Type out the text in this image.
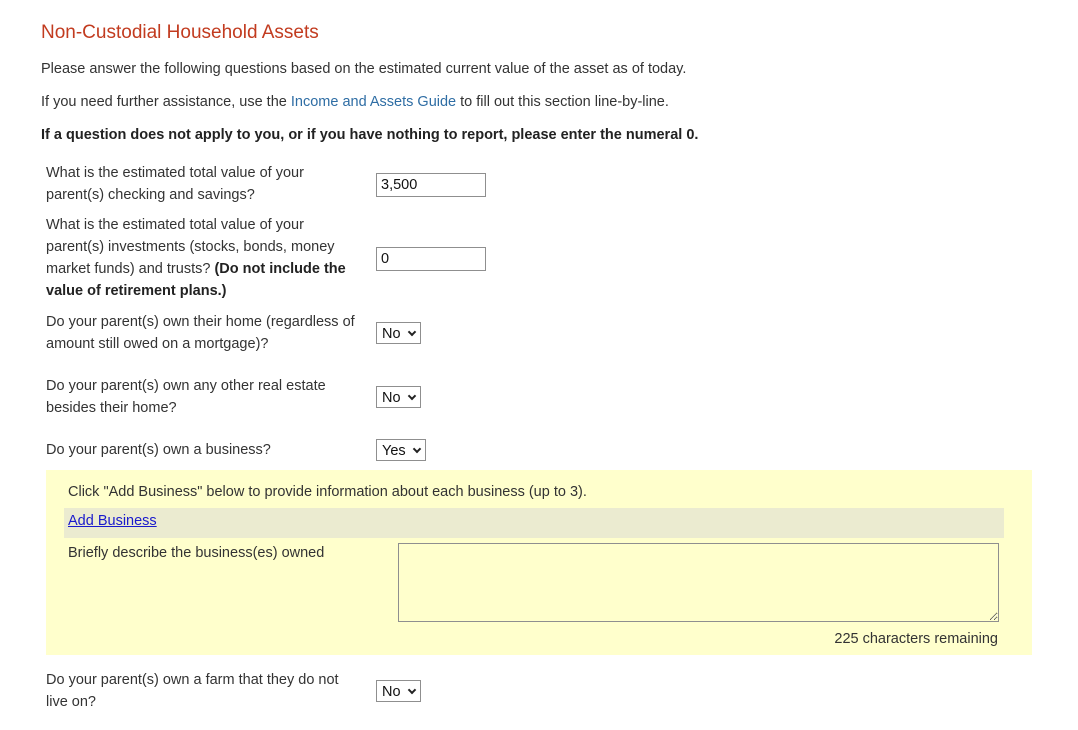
Non-Custodial Household Assets

Please answer the following questions based on the estimated current value of the asset as of today.

If you need further assistance, use the Income and Assets Guide to fill out this section line-by-line.

If a question does not apply to you, or if you have nothing to report, please enter the numeral 0.

What is the estimated total value of your parent(s) checking and savings?
3,500
What is the estimated total value of your parent(s) investments (stocks, bonds, money market funds) and trusts? (Do not include the value of retirement plans.)
0
Do your parent(s) own their home (regardless of amount still owed on a mortgage)?
No
Do your parent(s) own any other real estate besides their home?
No
Do your parent(s) own a business?	Yes
Click "Add Business" below to provide information about each business (up to 3).
Add Business
Briefly describe the business(es) owned
225 characters remaining
Do your parent(s) own a farm that they do not live on?
No
